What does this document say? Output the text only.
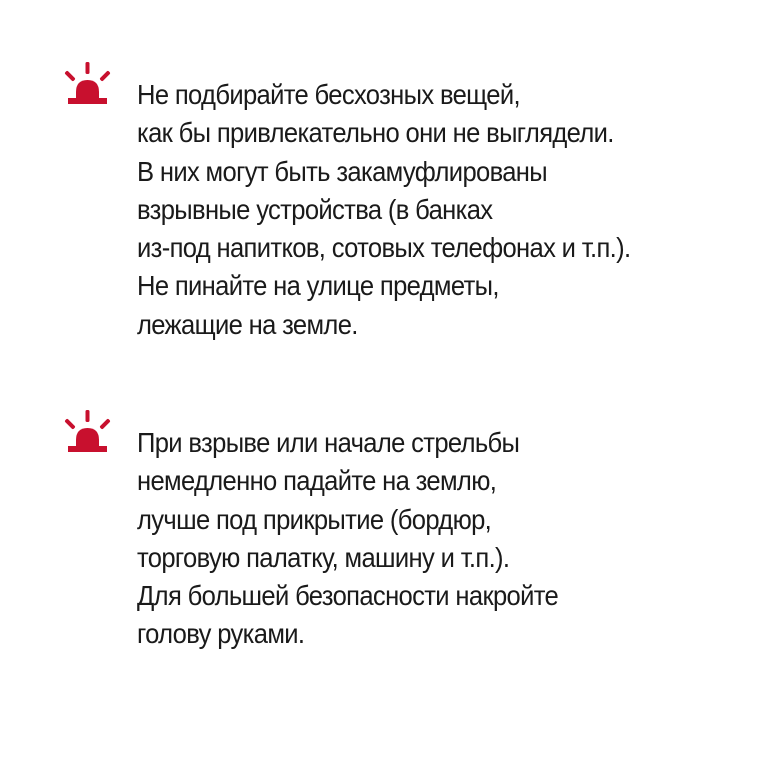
Не подбирайте бесхозных вещей,
как бы привлекательно они не выглядели.
В них могут быть закамуфлированы
взрывные устройства (в банках
из-под напитков, сотовых телефонах и т.п.).
Не пинайте на улице предметы,
лежащие на земле.
При взрыве или начале стрельбы
немедленно падайте на землю,
лучше под прикрытие (бордюр,
торговую палатку, машину и т.п.).
Для большей безопасности накройте
голову руками.
